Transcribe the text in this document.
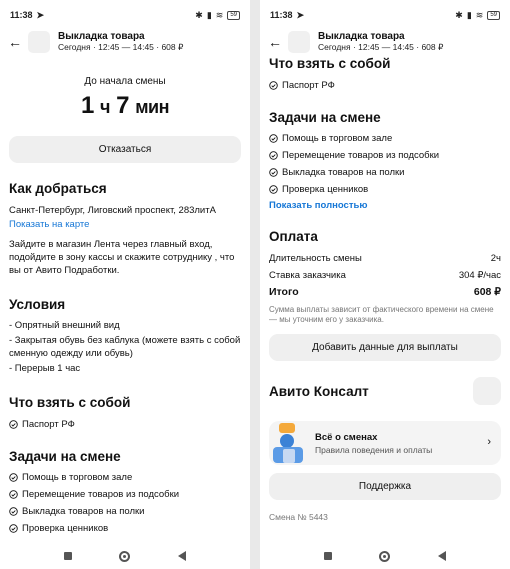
11:38 ➤	✱ ▮ ≋	59
←	Выкладка товара
Сегодня · 12:45 — 14:45 · 608 ₽
До начала смены
1 ч 7 мин
Отказаться
Как добраться
Санкт-Петербург, Лиговский проспект, 283литА
Показать на карте
Зайдите в магазин Лента через главный вход, подойдите в зону кассы и скажите сотруднику , что вы от Авито Подработки.
Условия
- Опрятный внешний вид
- Закрытая обувь без каблука (можете взять с собой сменную одежду или обувь)
- Перерыв 1 час
Что взять с собой
Паспорт РФ
Задачи на смене
Помощь в торговом зале
Перемещение товаров из подсобки
Выкладка товаров на полки
Проверка ценников
11:38 ➤	✱ ▮ ≋	59
←	Выкладка товара
Сегодня · 12:45 — 14:45 · 608 ₽
Что взять с собой
Паспорт РФ
Задачи на смене
Помощь в торговом зале
Перемещение товаров из подсобки
Выкладка товаров на полки
Проверка ценников
Показать полностью
Оплата
Длительность смены	2ч
Ставка заказчика	304 ₽/час
Итого	608 ₽
Сумма выплаты зависит от фактического времени на смене — мы уточним его у заказчика.
Добавить данные для выплаты
Авито Консалт
Всё о сменах
Правила поведения и оплаты
›
Поддержка
Смена № 5443
